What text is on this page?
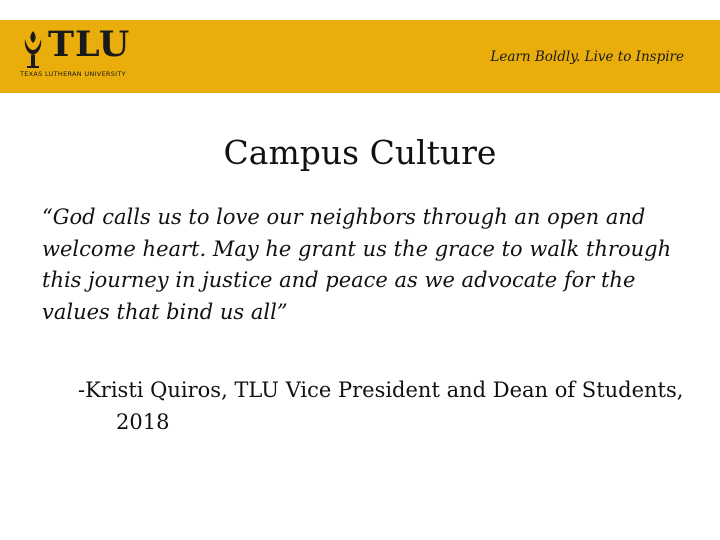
TLU
TEXAS LUTHERAN UNIVERSITY
Learn Boldly. Live to Inspire
Campus Culture
“God calls us to love our neighbors through an open and welcome heart. May he grant us the grace to walk through this journey in justice and peace as we advocate for the values that bind us all”
-Kristi Quiros, TLU Vice President and Dean of Students, 2018
